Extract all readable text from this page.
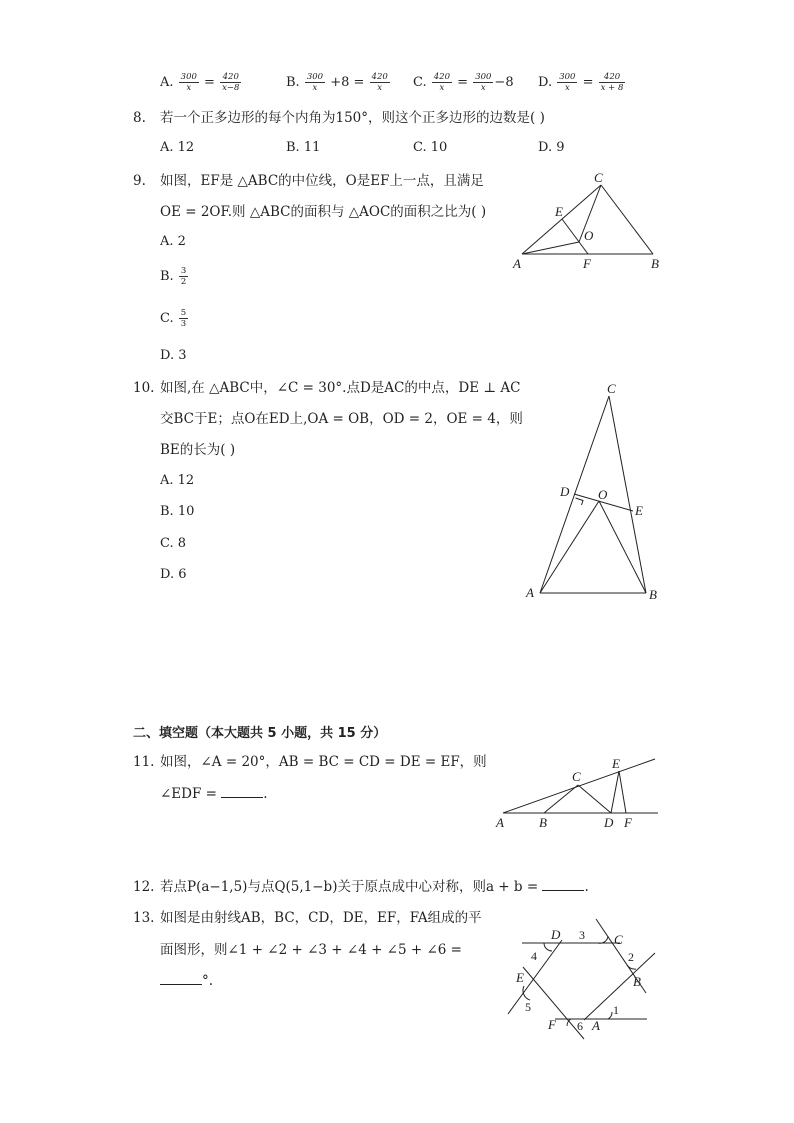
A. $\frac{300}{x} = \frac{420}{x-8}$	B. $\frac{300}{x} +8 = \frac{420}{x} C$. $\frac{420}{x} = \frac{300}{x} -8$ D. $\frac{300}{x} = \frac{420}{x + 8}$
8. 若一个正多边形的每个内角为150°，则这个正多边形的边数是( )
A. 12	B. 11	C. 10	D. 9
9. 如图，EF是 △ABC的中位线，O是EF上一点，且满足
OE = 2OF.则 △ABC的面积与 △AOC的面积之比为( )
A. 2
B. $\frac{3}{2}$
C. $\frac{5}{3}$
D. 3
C
E
O
A	F	B
10. 如图,在 △ABC中，∠C = 30°.点D是AC的中点，DE ⊥ AC
交BC于E；点O在ED上,OA = OB，OD = 2，OE = 4，则
BE的长为( )
A. 12
B. 10
C. 8
D. 6
C
D O
E
A	B
二、填空题（本大题共 5 小题，共 15 分）
11. 如图，∠A = 20°，AB = BC = CD = DE = EF，则
∠EDF =	.
C
E
A	B	D F
12. 若点P(a−1,5)与点Q(5,1−b)关于原点成中心对称，则a + b =	.
13. 如图是由射线AB，BC，CD，DE，EF，FA组成的平
面图形，则∠1 + ∠2 + ∠3 + ∠4 + ∠5 + ∠6 =
°.
D 3 C
4	2
E	B
5	1
F 6 A
